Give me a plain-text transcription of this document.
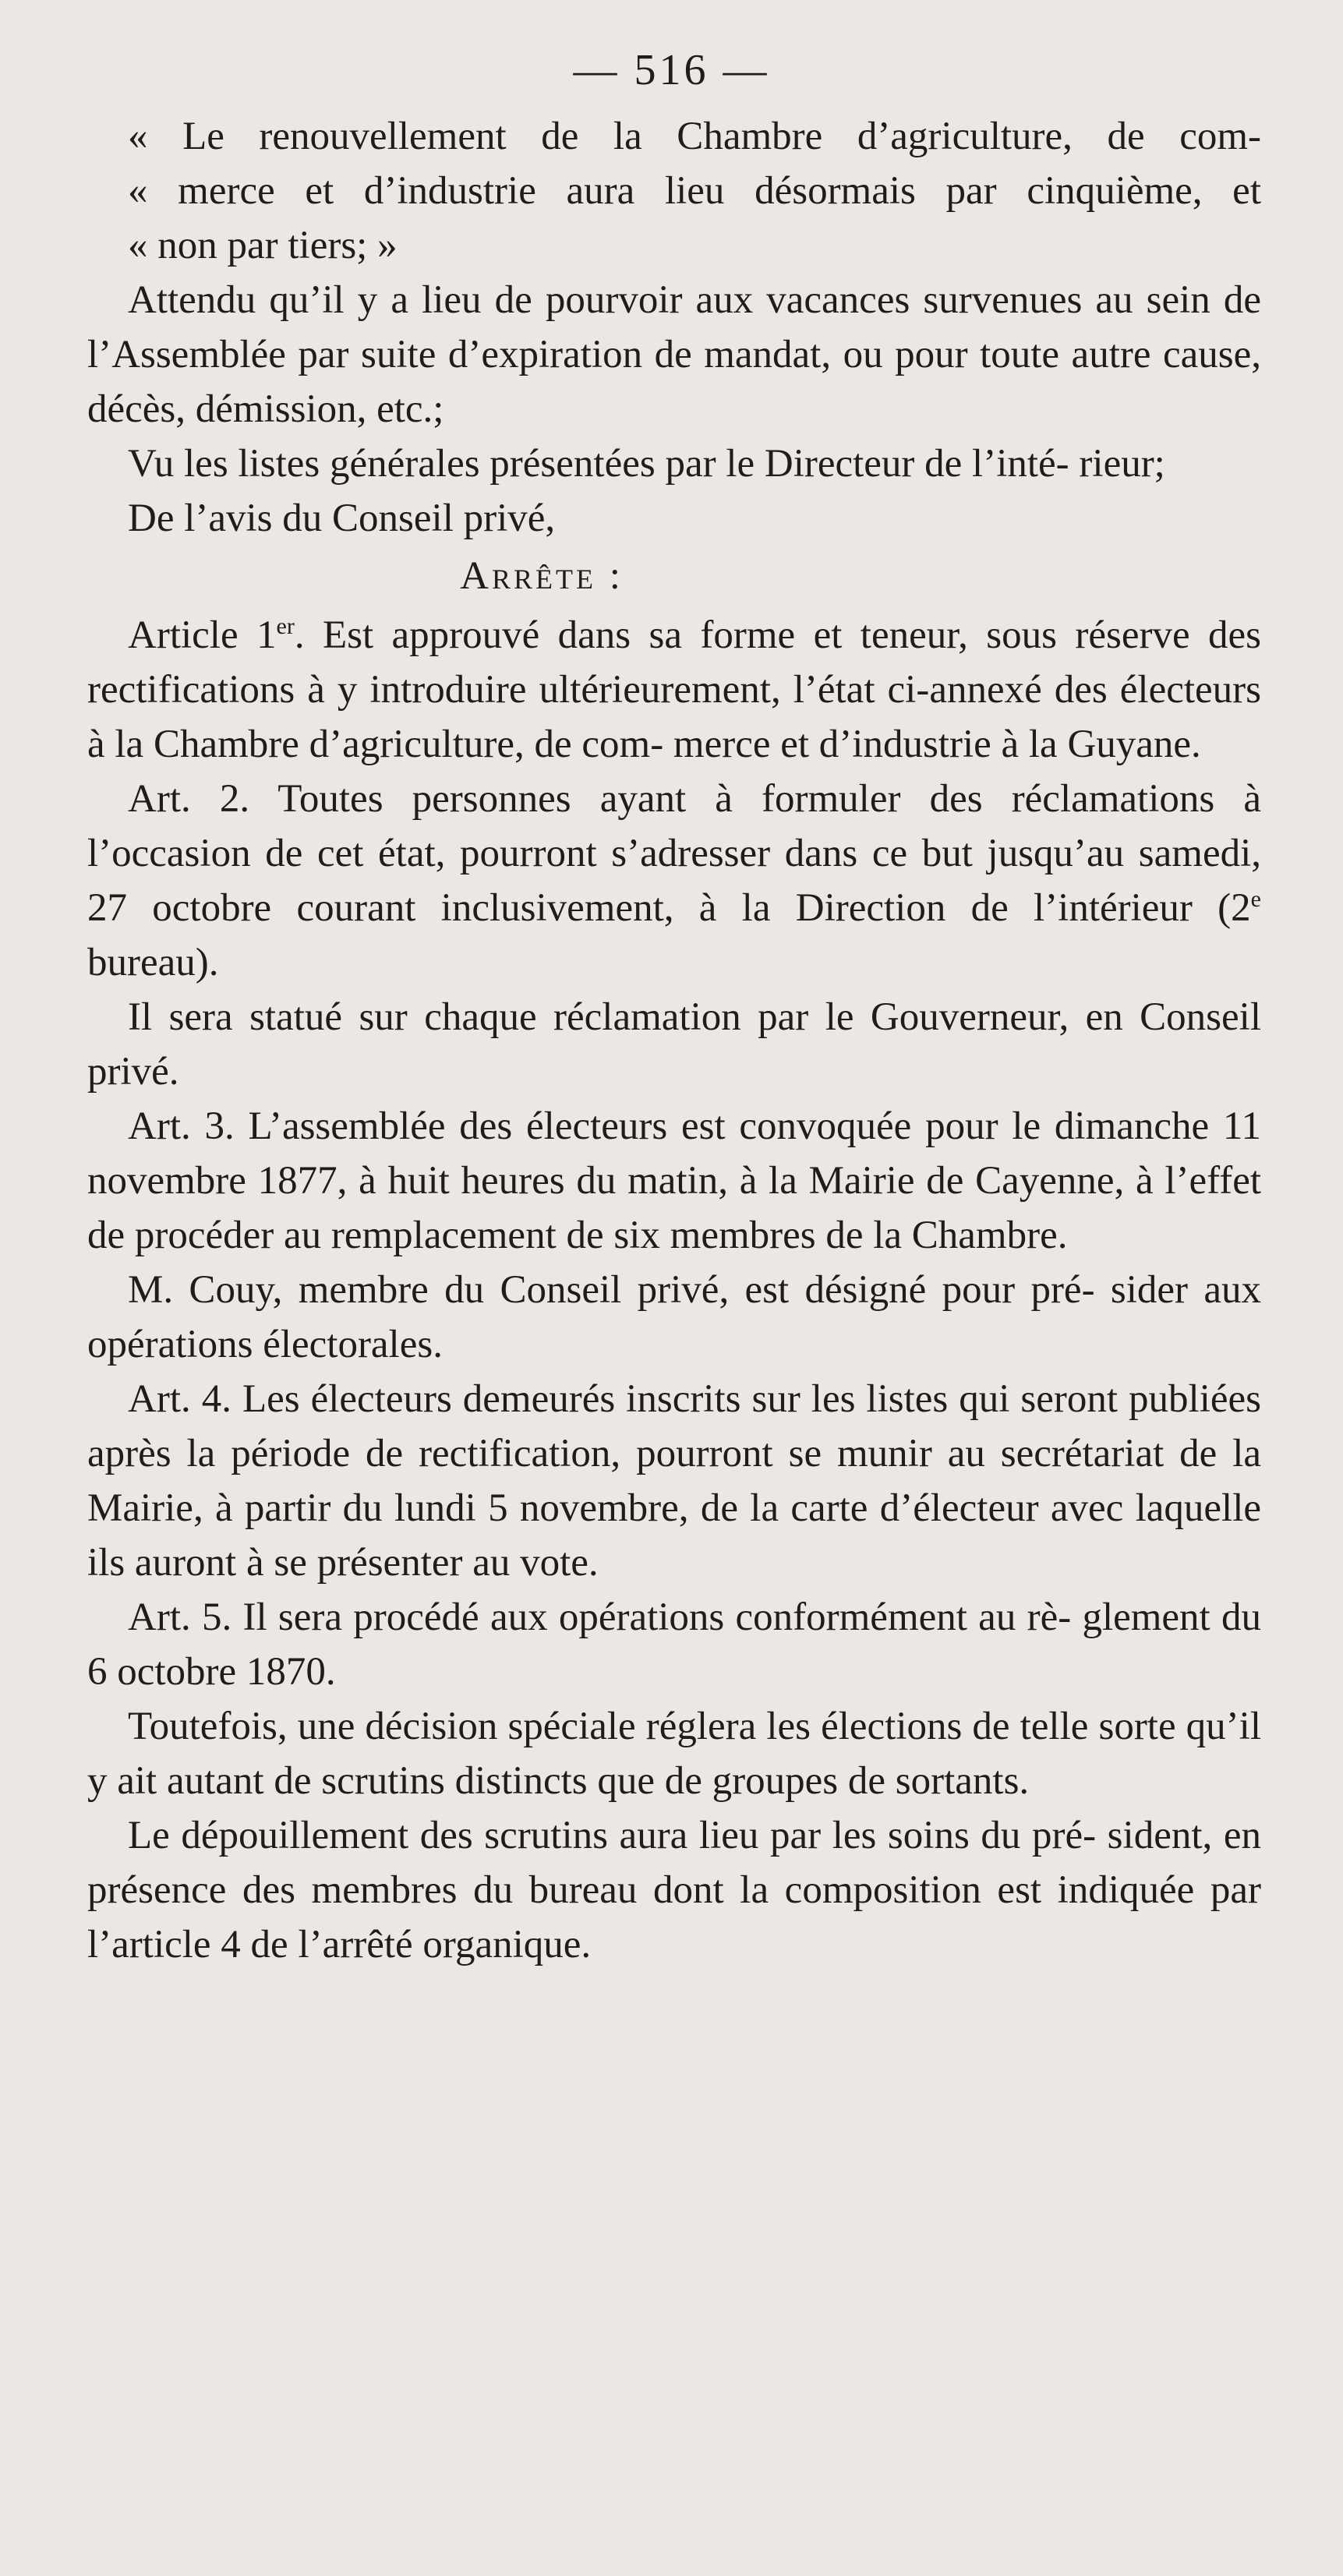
— 516 —
« Le renouvellement de la Chambre d’agriculture, de com-
« merce et d’industrie aura lieu désormais par cinquième, et
« non par tiers; »

Attendu qu’il y a lieu de pourvoir aux vacances survenues au sein de l’Assemblée par suite d’expiration de mandat, ou pour toute autre cause, décès, démission, etc.;

Vu les listes générales présentées par le Directeur de l’inté- rieur;

De l’avis du Conseil privé,

Arrête :

Article 1er. Est approuvé dans sa forme et teneur, sous réserve des rectifications à y introduire ultérieurement, l’état ci-annexé des électeurs à la Chambre d’agriculture, de com- merce et d’industrie à la Guyane.

Art. 2. Toutes personnes ayant à formuler des réclamations à l’occasion de cet état, pourront s’adresser dans ce but jusqu’au samedi, 27 octobre courant inclusivement, à la Direction de l’intérieur (2e bureau).

Il sera statué sur chaque réclamation par le Gouverneur, en Conseil privé.

Art. 3. L’assemblée des électeurs est convoquée pour le dimanche 11 novembre 1877, à huit heures du matin, à la Mairie de Cayenne, à l’effet de procéder au remplacement de six membres de la Chambre.

M. Couy, membre du Conseil privé, est désigné pour pré- sider aux opérations électorales.

Art. 4. Les électeurs demeurés inscrits sur les listes qui seront publiées après la période de rectification, pourront se munir au secrétariat de la Mairie, à partir du lundi 5 novembre, de la carte d’électeur avec laquelle ils auront à se présenter au vote.

Art. 5. Il sera procédé aux opérations conformément au rè- glement du 6 octobre 1870.

Toutefois, une décision spéciale réglera les élections de telle sorte qu’il y ait autant de scrutins distincts que de groupes de sortants.

Le dépouillement des scrutins aura lieu par les soins du pré- sident, en présence des membres du bureau dont la composition est indiquée par l’article 4 de l’arrêté organique.
